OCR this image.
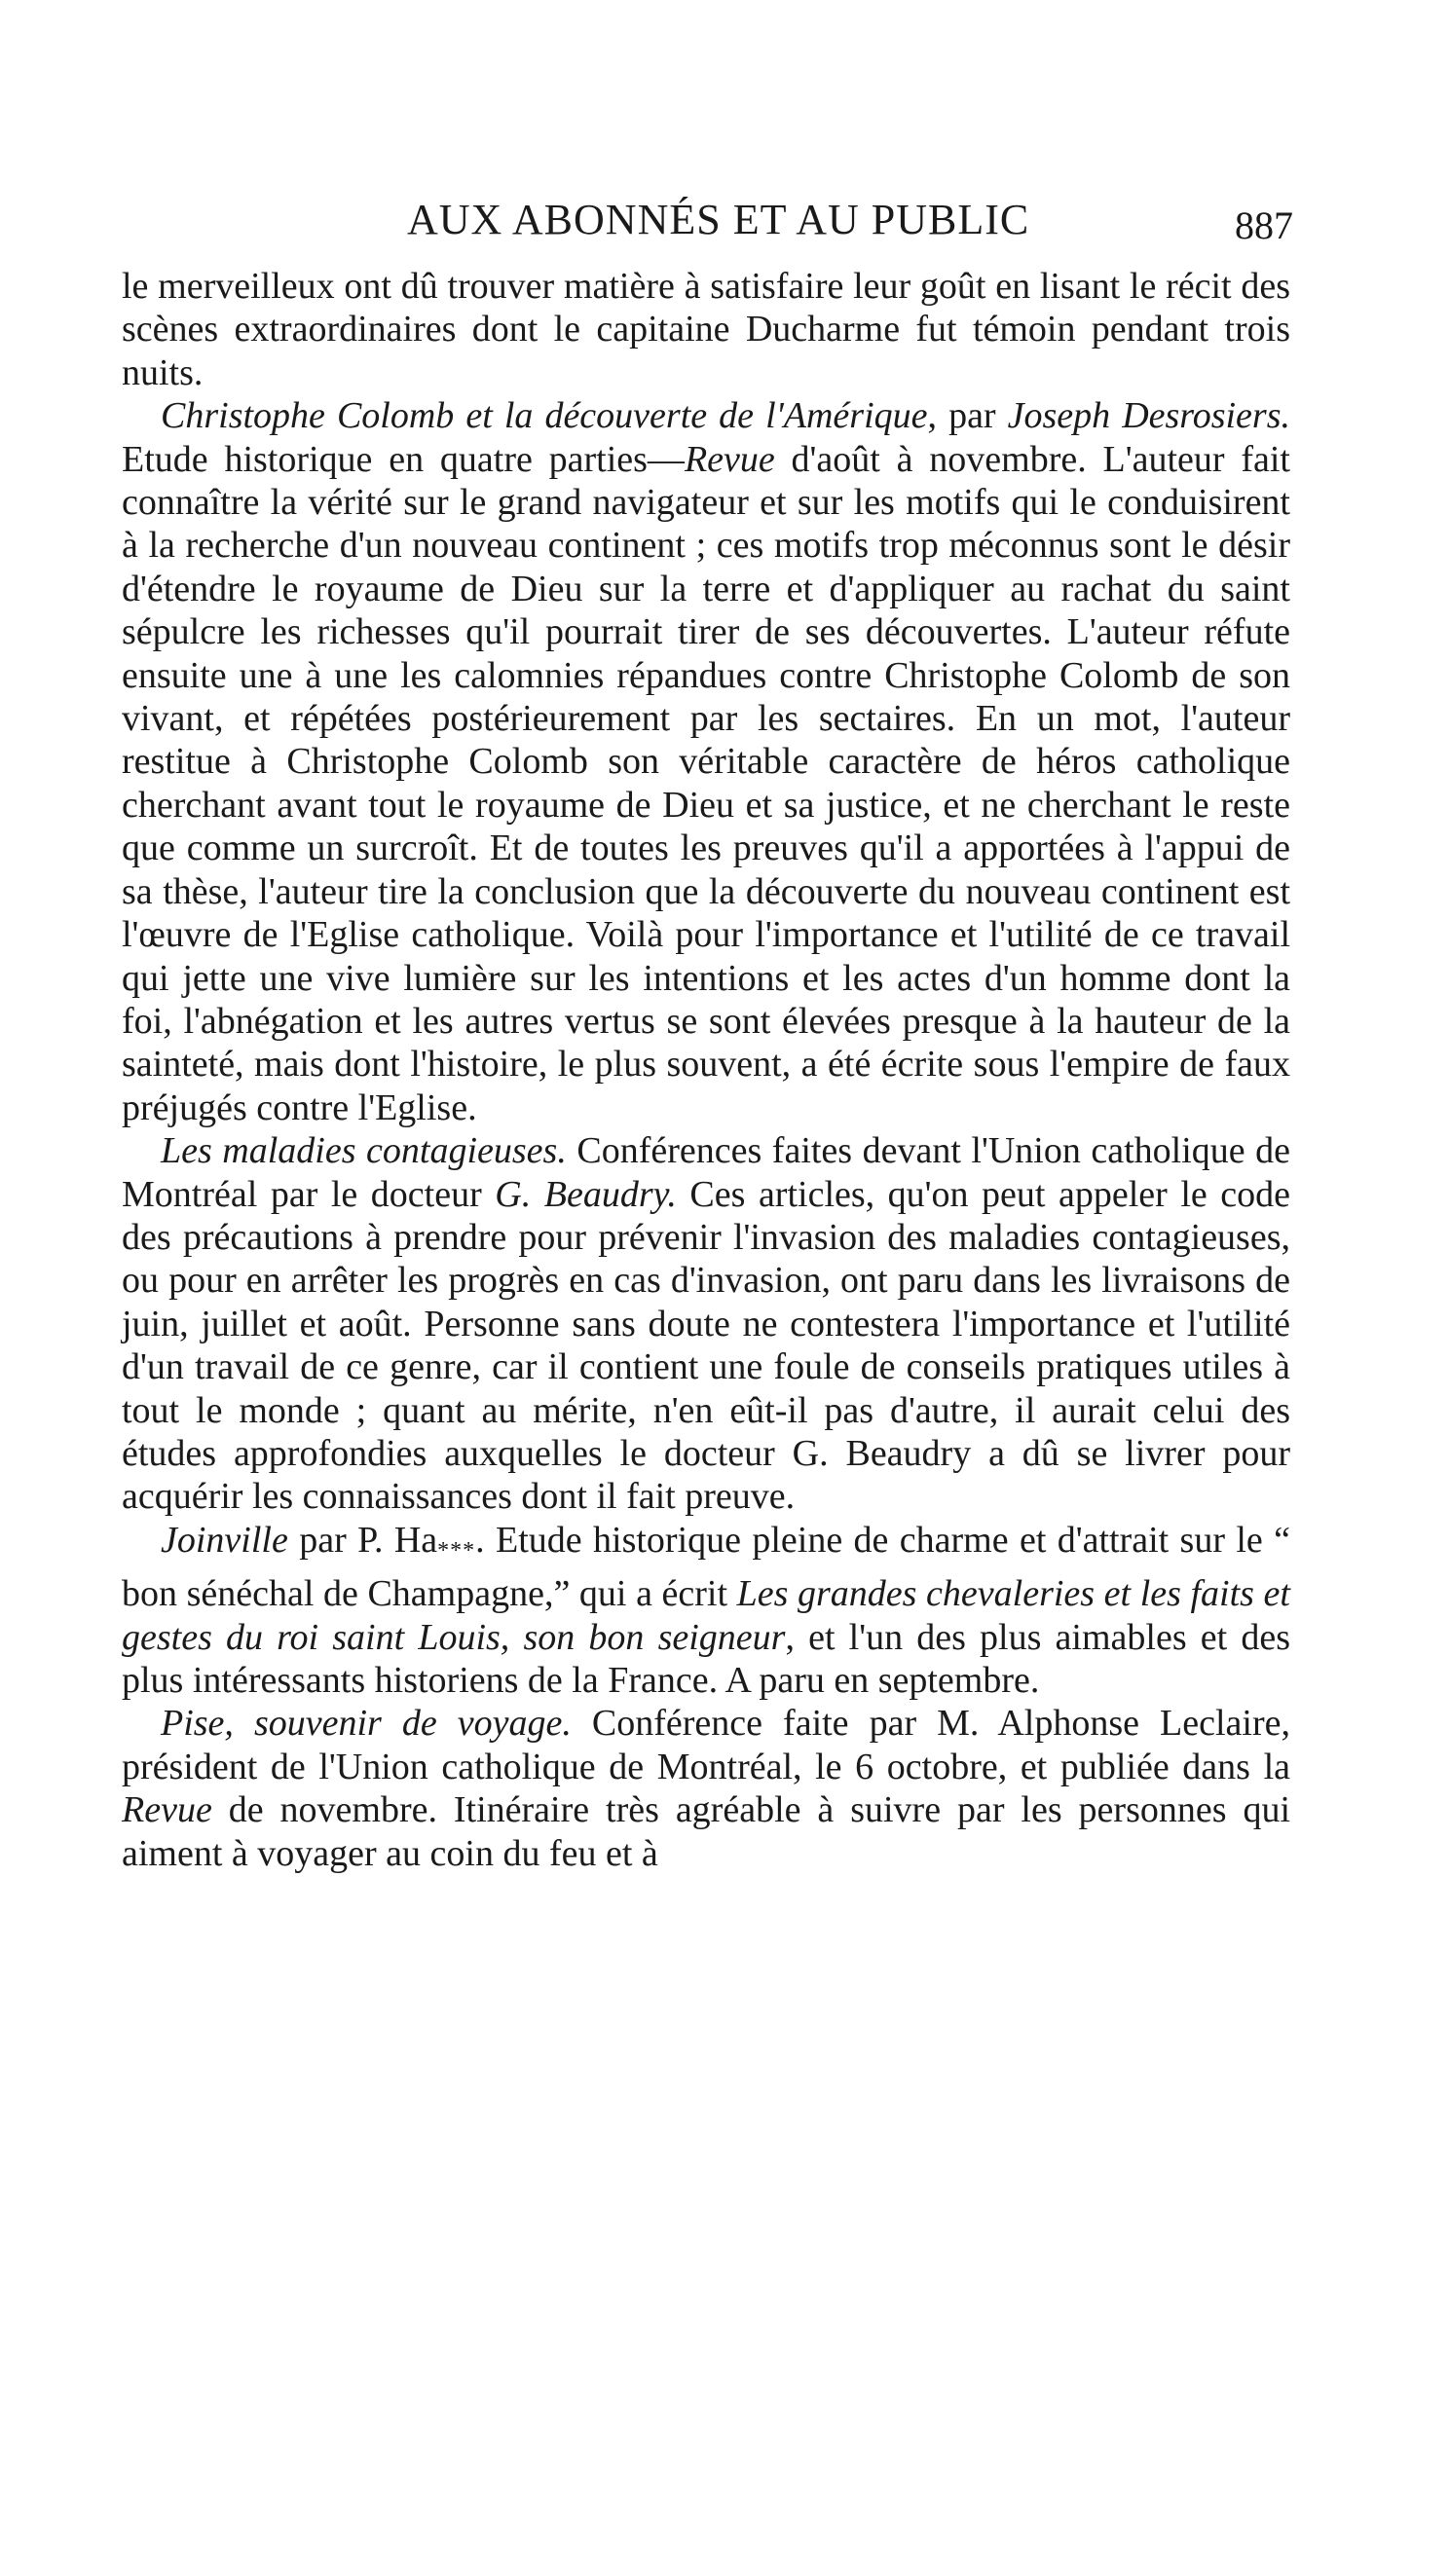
AUX ABONNÉS ET AU PUBLIC	887

le merveilleux ont dû trouver matière à satisfaire leur goût en lisant le récit des scènes extraordinaires dont le capitaine Ducharme fut témoin pendant trois nuits.

Christophe Colomb et la découverte de l'Amérique, par Joseph Desrosiers. Etude historique en quatre parties—Revue d'août à novembre. L'auteur fait connaître la vérité sur le grand navigateur et sur les motifs qui le conduisirent à la recherche d'un nouveau continent ; ces motifs trop méconnus sont le désir d'étendre le royaume de Dieu sur la terre et d'appliquer au rachat du saint sépulcre les richesses qu'il pourrait tirer de ses découvertes. L'auteur réfute ensuite une à une les calomnies répandues contre Christophe Colomb de son vivant, et répétées postérieurement par les sectaires. En un mot, l'auteur restitue à Christophe Colomb son véritable caractère de héros catholique cherchant avant tout le royaume de Dieu et sa justice, et ne cherchant le reste que comme un surcroît. Et de toutes les preuves qu'il a apportées à l'appui de sa thèse, l'auteur tire la conclusion que la découverte du nouveau continent est l'œuvre de l'Eglise catholique. Voilà pour l'importance et l'utilité de ce travail qui jette une vive lumière sur les intentions et les actes d'un homme dont la foi, l'abnégation et les autres vertus se sont élevées presque à la hauteur de la sainteté, mais dont l'histoire, le plus souvent, a été écrite sous l'empire de faux préjugés contre l'Eglise.

Les maladies contagieuses. Conférences faites devant l'Union catholique de Montréal par le docteur G. Beaudry. Ces articles, qu'on peut appeler le code des précautions à prendre pour prévenir l'invasion des maladies contagieuses, ou pour en arrêter les progrès en cas d'invasion, ont paru dans les livraisons de juin, juillet et août. Personne sans doute ne contestera l'importance et l'utilité d'un travail de ce genre, car il contient une foule de conseils pratiques utiles à tout le monde ; quant au mérite, n'en eût-il pas d'autre, il aurait celui des études approfondies auxquelles le docteur G. Beaudry a dû se livrer pour acquérir les connaissances dont il fait preuve.

Joinville par P. Ha***. Etude historique pleine de charme et d'attrait sur le “ bon sénéchal de Champagne,” qui a écrit Les grandes chevaleries et les faits et gestes du roi saint Louis, son bon seigneur, et l'un des plus aimables et des plus intéressants historiens de la France. A paru en septembre.

Pise, souvenir de voyage. Conférence faite par M. Alphonse Leclaire, président de l'Union catholique de Montréal, le 6 octobre, et publiée dans la Revue de novembre. Itinéraire très agréable à suivre par les personnes qui aiment à voyager au coin du feu et à
